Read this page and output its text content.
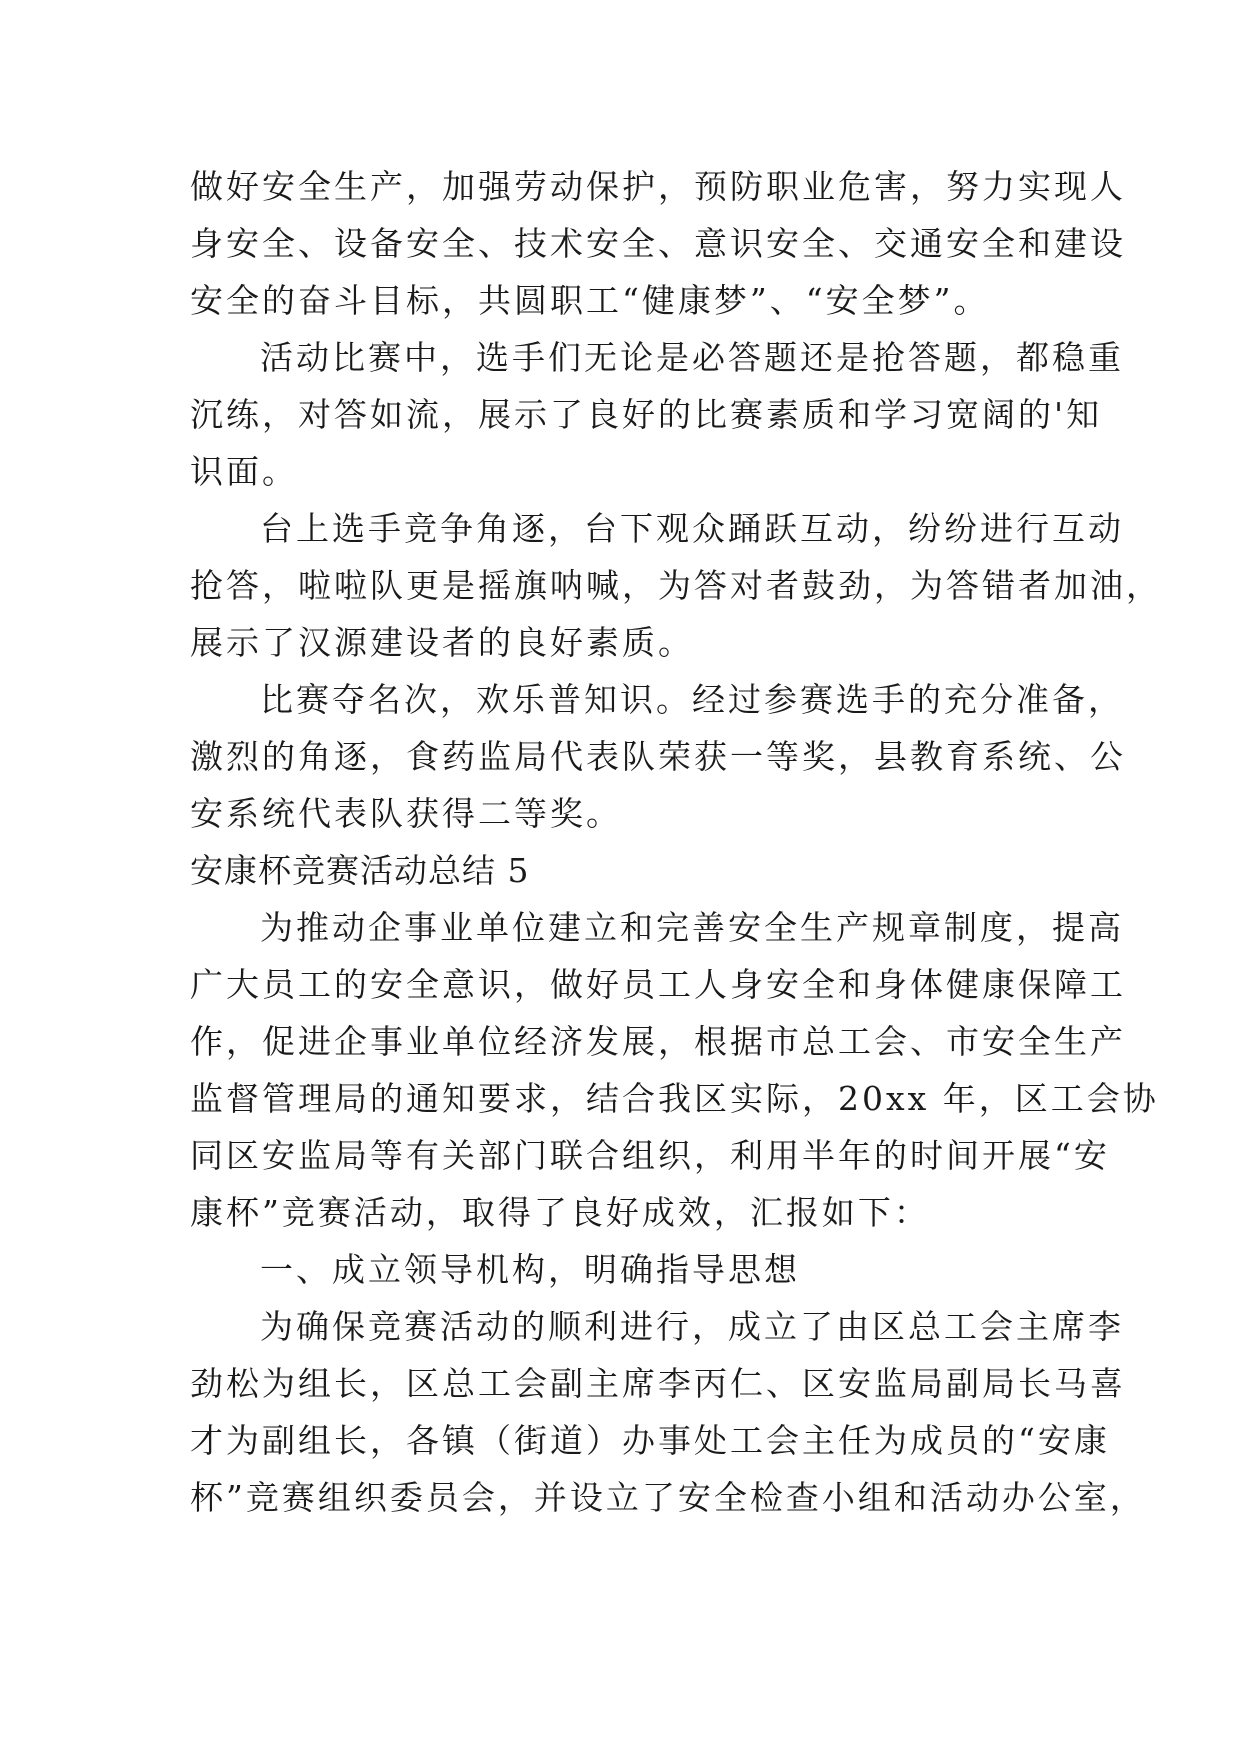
做好安全生产，加强劳动保护，预防职业危害，努力实现人
身安全、设备安全、技术安全、意识安全、交通安全和建设
安全的奋斗目标，共圆职工“健康梦”、“安全梦”。
活动比赛中，选手们无论是必答题还是抢答题，都稳重
沉练，对答如流，展示了良好的比赛素质和学习宽阔的'知
识面。
台上选手竞争角逐，台下观众踊跃互动，纷纷进行互动
抢答，啦啦队更是摇旗呐喊，为答对者鼓劲，为答错者加油，
展示了汉源建设者的良好素质。
比赛夺名次，欢乐普知识。经过参赛选手的充分准备，
激烈的角逐，食药监局代表队荣获一等奖，县教育系统、公
安系统代表队获得二等奖。
安康杯竞赛活动总结 5
为推动企事业单位建立和完善安全生产规章制度，提高
广大员工的安全意识，做好员工人身安全和身体健康保障工
作，促进企事业单位经济发展，根据市总工会、市安全生产
监督管理局的通知要求，结合我区实际，20xx 年，区工会协
同区安监局等有关部门联合组织，利用半年的时间开展“安
康杯”竞赛活动，取得了良好成效，汇报如下：
一、成立领导机构，明确指导思想
为确保竞赛活动的顺利进行，成立了由区总工会主席李
劲松为组长，区总工会副主席李丙仁、区安监局副局长马喜
才为副组长，各镇（街道）办事处工会主任为成员的“安康
杯”竞赛组织委员会，并设立了安全检查小组和活动办公室，
